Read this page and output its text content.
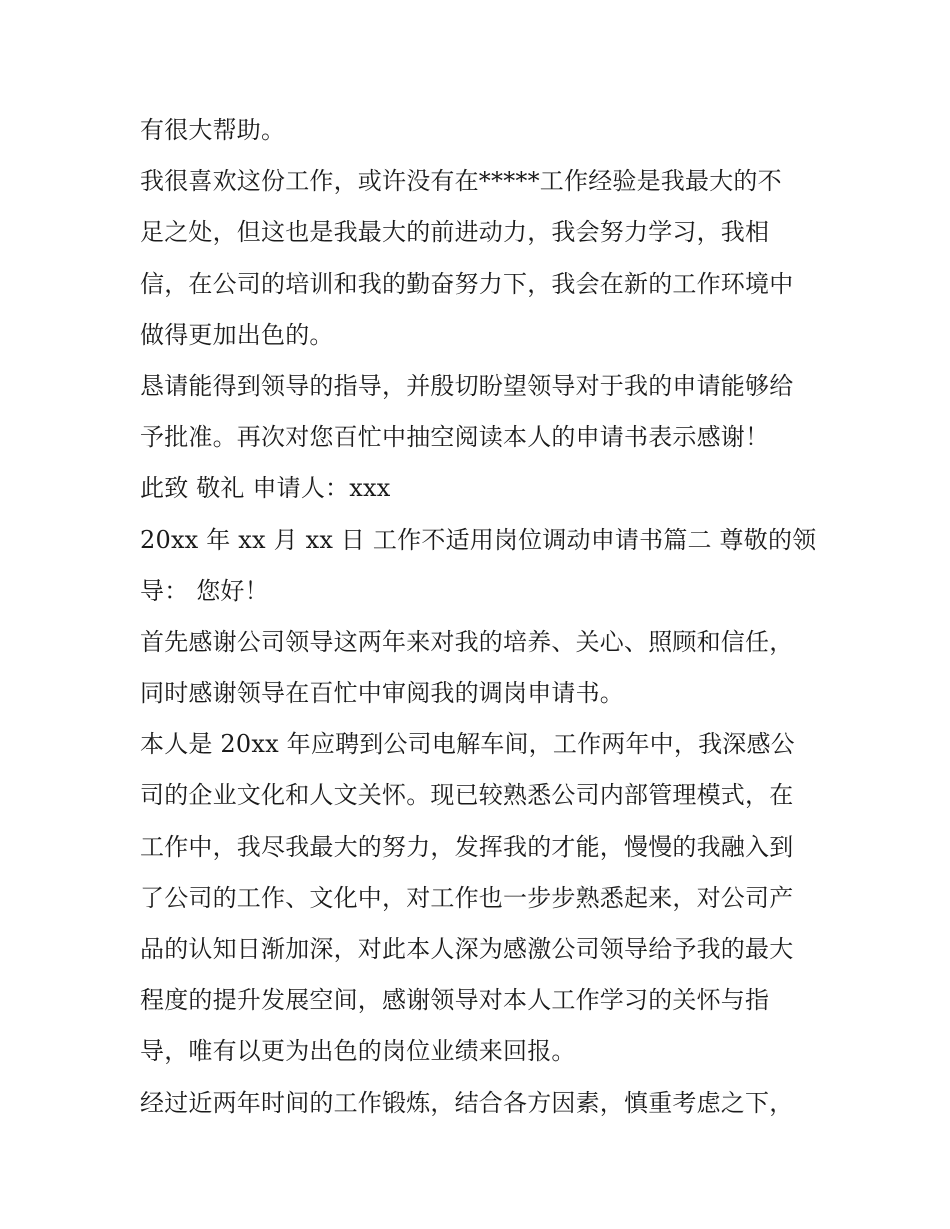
有很大帮助。
我很喜欢这份工作，或许没有在*****工作经验是我最大的不
足之处，但这也是我最大的前进动力，我会努力学习，我相
信，在公司的培训和我的勤奋努力下，我会在新的工作环境中
做得更加出色的。
恳请能得到领导的指导，并殷切盼望领导对于我的申请能够给
予批准。再次对您百忙中抽空阅读本人的申请书表示感谢！
此致 敬礼 申请人：xxx
20xx 年 xx 月 xx 日 工作不适用岗位调动申请书篇二 尊敬的领
导： 您好！
首先感谢公司领导这两年来对我的培养、关心、照顾和信任，
同时感谢领导在百忙中审阅我的调岗申请书。
本人是 20xx 年应聘到公司电解车间，工作两年中，我深感公
司的企业文化和人文关怀。现已较熟悉公司内部管理模式，在
工作中，我尽我最大的努力，发挥我的才能，慢慢的我融入到
了公司的工作、文化中，对工作也一步步熟悉起来，对公司产
品的认知日渐加深，对此本人深为感激公司领导给予我的最大
程度的提升发展空间，感谢领导对本人工作学习的关怀与指
导，唯有以更为出色的岗位业绩来回报。
经过近两年时间的工作锻炼，结合各方因素，慎重考虑之下，
